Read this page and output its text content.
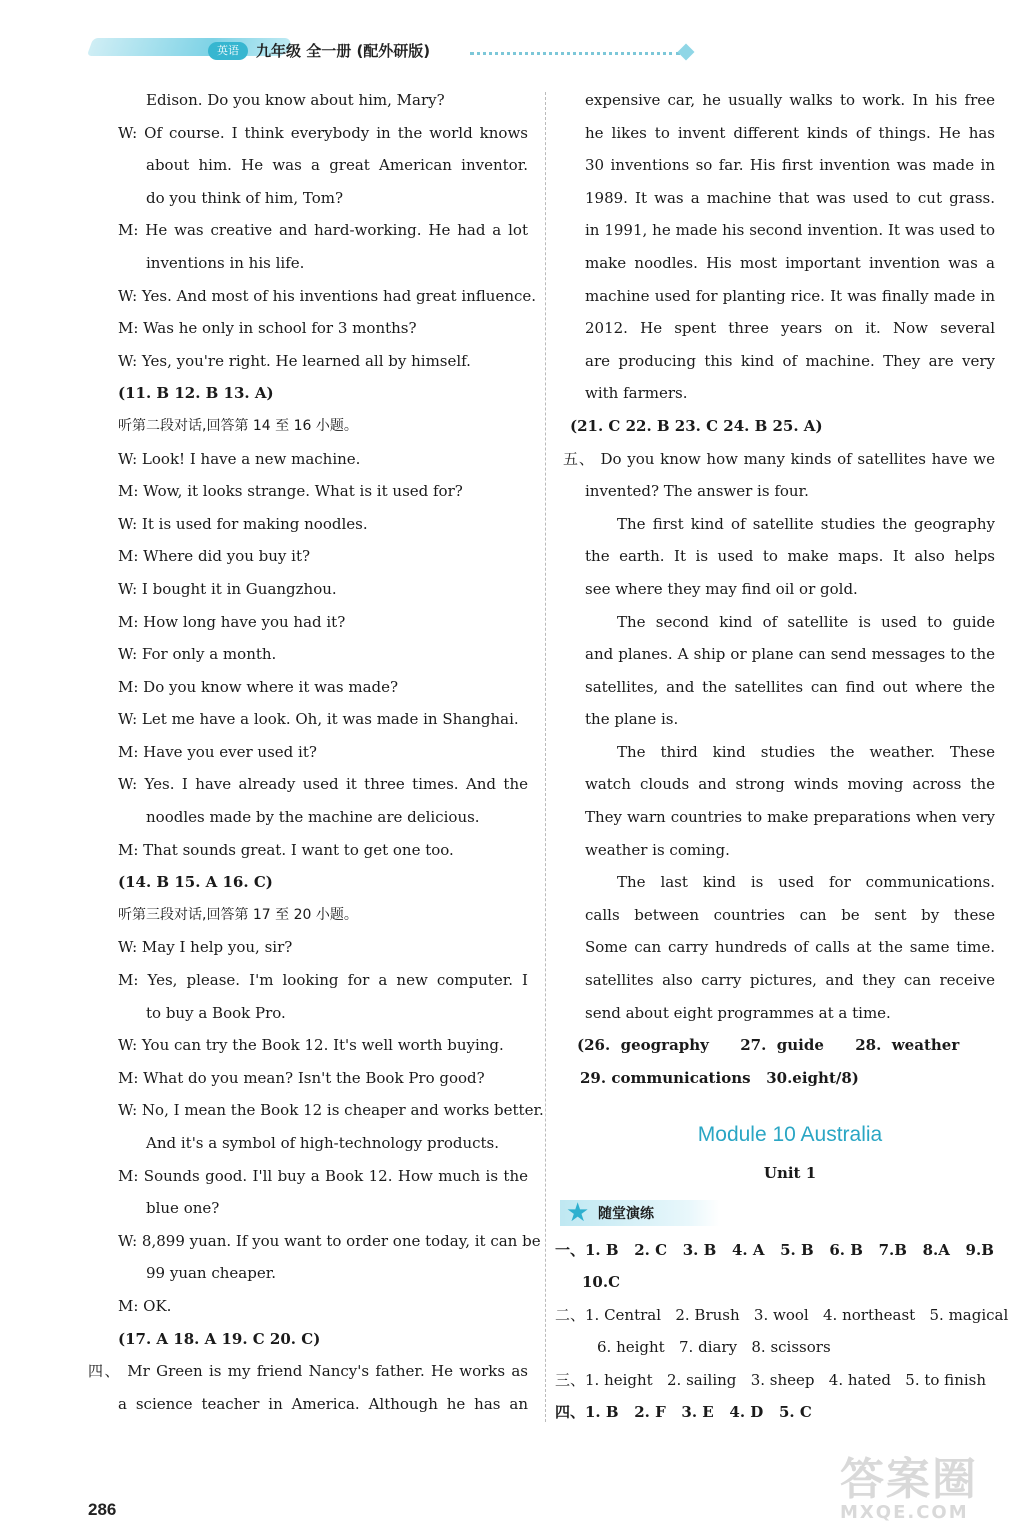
英语	九年级 全一册 (配外研版)
Edison. Do you know about him, Mary?
W: Of course. I think everybody in the world knows
about him. He was a great American inventor.
do you think of him, Tom?
M: He was creative and hard-working. He had a lot
inventions in his life.
W: Yes. And most of his inventions had great influence.
M: Was he only in school for 3 months?
W: Yes, you're right. He learned all by himself.
(11. B 12. B 13. A)
听第二段对话,回答第 14 至 16 小题。
W: Look! I have a new machine.
M: Wow, it looks strange. What is it used for?
W: It is used for making noodles.
M: Where did you buy it?
W: I bought it in Guangzhou.
M: How long have you had it?
W: For only a month.
M: Do you know where it was made?
W: Let me have a look. Oh, it was made in Shanghai.
M: Have you ever used it?
W: Yes. I have already used it three times. And the
noodles made by the machine are delicious.
M: That sounds great. I want to get one too.
(14. B 15. A 16. C)
听第三段对话,回答第 17 至 20 小题。
W: May I help you, sir?
M: Yes, please. I'm looking for a new computer. I
to buy a Book Pro.
W: You can try the Book 12. It's well worth buying.
M: What do you mean? Isn't the Book Pro good?
W: No, I mean the Book 12 is cheaper and works better.
And it's a symbol of high-technology products.
M: Sounds good. I'll buy a Book 12. How much is the
blue one?
W: 8,899 yuan. If you want to order one today, it can be
99 yuan cheaper.
M: OK.
(17. A 18. A 19. C 20. C)
四、 Mr Green is my friend Nancy's father. He works as
a science teacher in America. Although he has an
expensive car, he usually walks to work. In his free
he likes to invent different kinds of things. He has
30 inventions so far. His first invention was made in
1989. It was a machine that was used to cut grass.
in 1991, he made his second invention. It was used to
make noodles. His most important invention was a
machine used for planting rice. It was finally made in
2012. He spent three years on it. Now several
are producing this kind of machine. They are very
with farmers.
(21. C 22. B 23. C 24. B 25. A)
五、 Do you know how many kinds of satellites have we
invented? The answer is four.
The first kind of satellite studies the geography
the earth. It is used to make maps. It also helps
see where they may find oil or gold.
The second kind of satellite is used to guide
and planes. A ship or plane can send messages to the
satellites, and the satellites can find out where the
the plane is.
The third kind studies the weather. These
watch clouds and strong winds moving across the
They warn countries to make preparations when very
weather is coming.
The last kind is used for communications.
calls between countries can be sent by these
Some can carry hundreds of calls at the same time.
satellites also carry pictures, and they can receive
send about eight programmes at a time.
(26.  geography      27.  guide      28.  weather
29. communications   30.eight/8)
Module 10 Australia
Unit 1
★ 随堂演练
一、1. B   2. C   3. B   4. A   5. B   6. B   7.B   8.A   9.B
10.C
二、1. Central   2. Brush   3. wool   4. northeast   5. magical
6. height   7. diary   8. scissors
三、1. height   2. sailing   3. sheep   4. hated   5. to finish
四、1. B   2. F   3. E   4. D   5. C
286
答案圈
MXQE.COM
